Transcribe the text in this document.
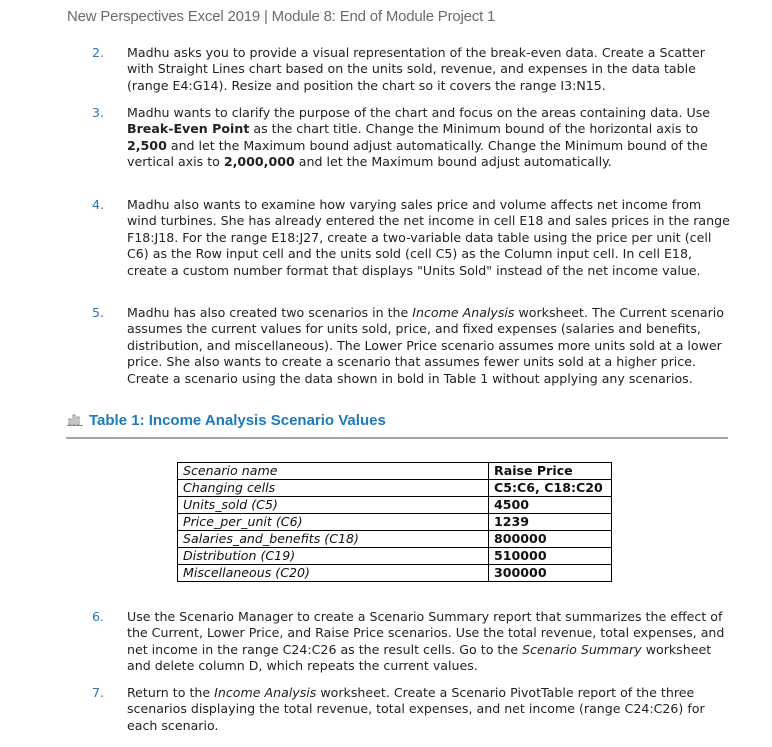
New Perspectives Excel 2019 | Module 8: End of Module Project 1
2. Madhu asks you to provide a visual representation of the break-even data. Create a Scatter with Straight Lines chart based on the units sold, revenue, and expenses in the data table (range E4:G14). Resize and position the chart so it covers the range I3:N15.
3. Madhu wants to clarify the purpose of the chart and focus on the areas containing data. Use Break-Even Point as the chart title. Change the Minimum bound of the horizontal axis to 2,500 and let the Maximum bound adjust automatically. Change the Minimum bound of the vertical axis to 2,000,000 and let the Maximum bound adjust automatically.
4. Madhu also wants to examine how varying sales price and volume affects net income from wind turbines. She has already entered the net income in cell E18 and sales prices in the range F18:J18. For the range E18:J27, create a two-variable data table using the price per unit (cell C6) as the Row input cell and the units sold (cell C5) as the Column input cell. In cell E18, create a custom number format that displays "Units Sold" instead of the net income value.
5. Madhu has also created two scenarios in the Income Analysis worksheet. The Current scenario assumes the current values for units sold, price, and fixed expenses (salaries and benefits, distribution, and miscellaneous). The Lower Price scenario assumes more units sold at a lower price. She also wants to create a scenario that assumes fewer units sold at a higher price. Create a scenario using the data shown in bold in Table 1 without applying any scenarios.
6. Use the Scenario Manager to create a Scenario Summary report that summarizes the effect of the Current, Lower Price, and Raise Price scenarios. Use the total revenue, total expenses, and net income in the range C24:C26 as the result cells. Go to the Scenario Summary worksheet and delete column D, which repeats the current values.
7. Return to the Income Analysis worksheet. Create a Scenario PivotTable report of the three scenarios displaying the total revenue, total expenses, and net income (range C24:C26) for each scenario.
Table 1: Income Analysis Scenario Values
Scenario name	Raise Price
Changing cells	C5:C6, C18:C20
Units_sold (C5)	4500
Price_per_unit (C6)	1239
Salaries_and_benefits (C18)	800000
Distribution (C19)	510000
Miscellaneous (C20)	300000
